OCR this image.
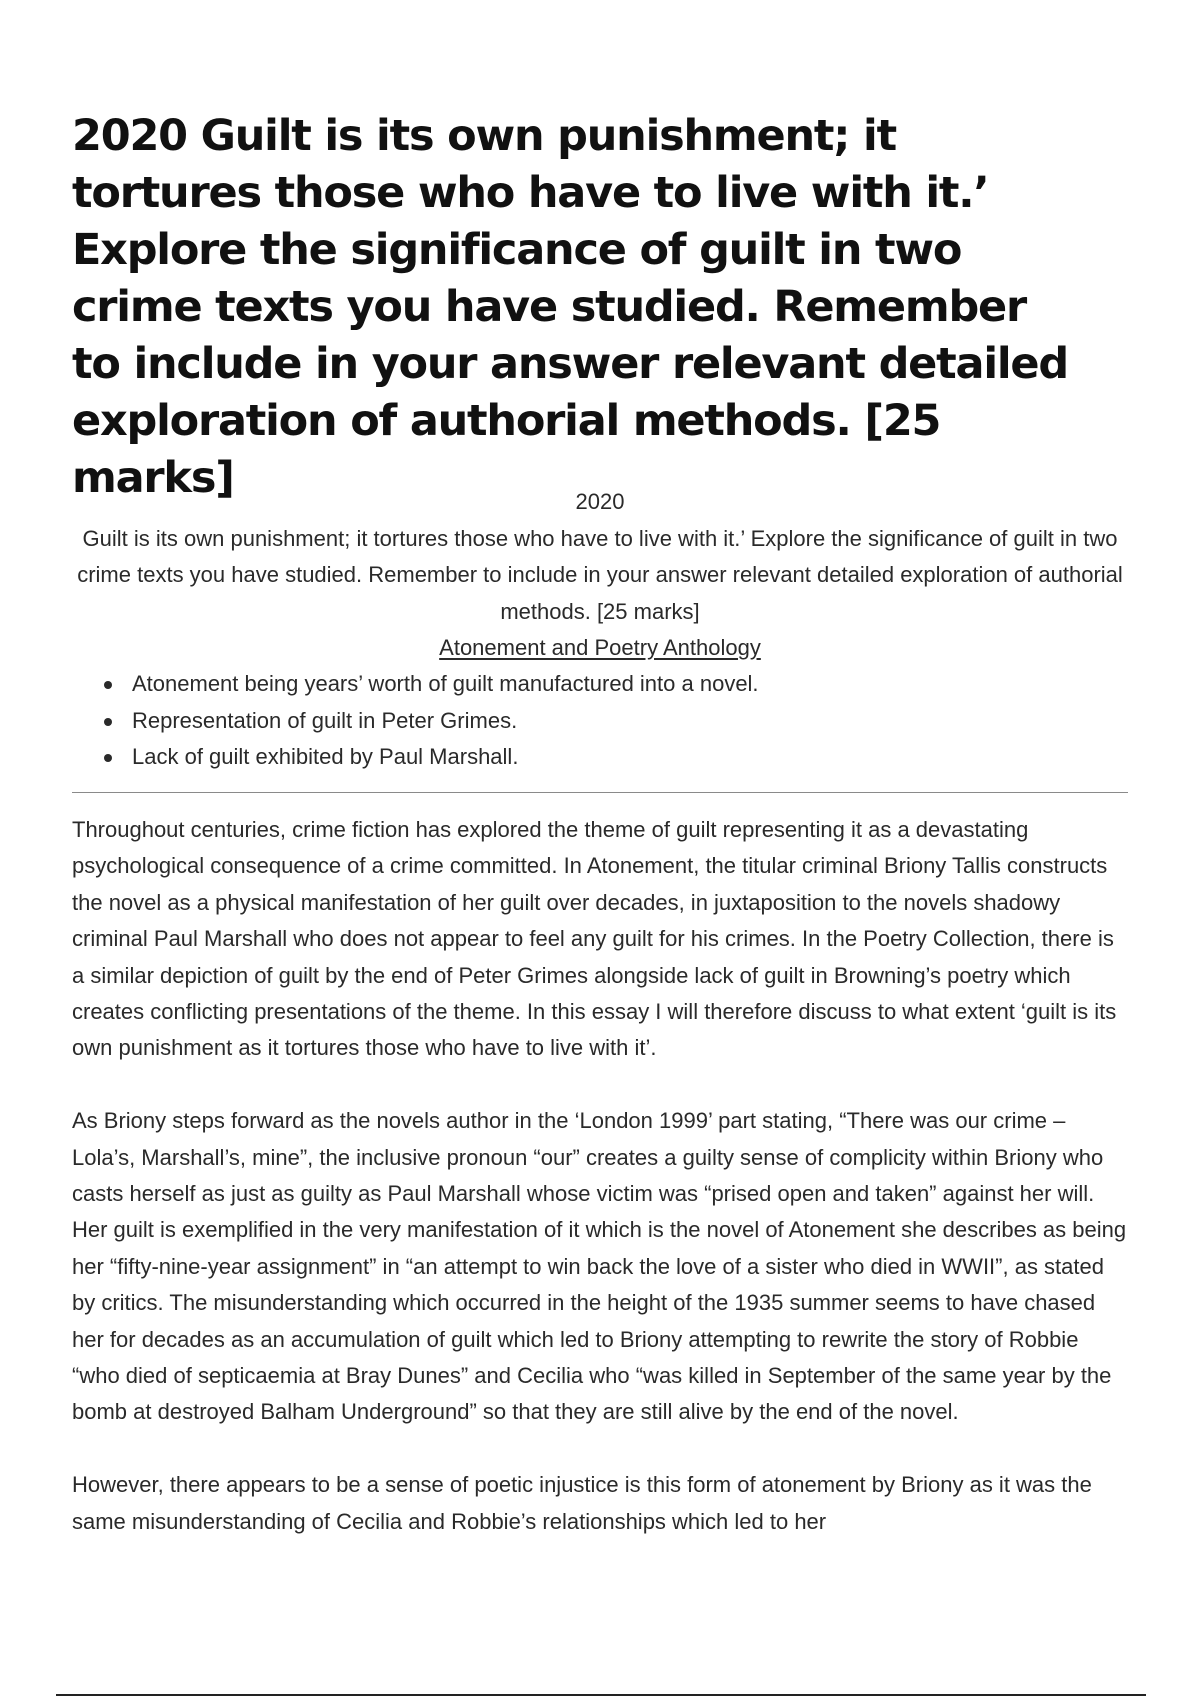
2020 Guilt is its own punishment; it tortures those who have to live with it.’ Explore the significance of guilt in two crime texts you have studied. Remember to include in your answer relevant detailed exploration of authorial methods. [25 marks]	2020
Guilt is its own punishment; it tortures those who have to live with it.’ Explore the significance of guilt in two crime texts you have studied. Remember to include in your answer relevant detailed exploration of authorial methods. [25 marks]
Atonement and Poetry Anthology
Atonement being years’ worth of guilt manufactured into a novel.
Representation of guilt in Peter Grimes.
Lack of guilt exhibited by Paul Marshall.

Throughout centuries, crime fiction has explored the theme of guilt representing it as a devastating psychological consequence of a crime committed. In Atonement, the titular criminal Briony Tallis constructs the novel as a physical manifestation of her guilt over decades, in juxtaposition to the novels shadowy criminal Paul Marshall who does not appear to feel any guilt for his crimes. In the Poetry Collection, there is a similar depiction of guilt by the end of Peter Grimes alongside lack of guilt in Browning’s poetry which creates conflicting presentations of the theme. In this essay I will therefore discuss to what extent ‘guilt is its own punishment as it tortures those who have to live with it’.

As Briony steps forward as the novels author in the ‘London 1999’ part stating, “There was our crime – Lola’s, Marshall’s, mine”, the inclusive pronoun “our” creates a guilty sense of complicity within Briony who casts herself as just as guilty as Paul Marshall whose victim was “prised open and taken” against her will. Her guilt is exemplified in the very manifestation of it which is the novel of Atonement she describes as being her “fifty-nine-year assignment” in “an attempt to win back the love of a sister who died in WWII”, as stated by critics. The misunderstanding which occurred in the height of the 1935 summer seems to have chased her for decades as an accumulation of guilt which led to Briony attempting to rewrite the story of Robbie “who died of septicaemia at Bray Dunes” and Cecilia who “was killed in September of the same year by the bomb at destroyed Balham Underground” so that they are still alive by the end of the novel.

However, there appears to be a sense of poetic injustice is this form of atonement by Briony as it was the same misunderstanding of Cecilia and Robbie’s relationships which led to her
